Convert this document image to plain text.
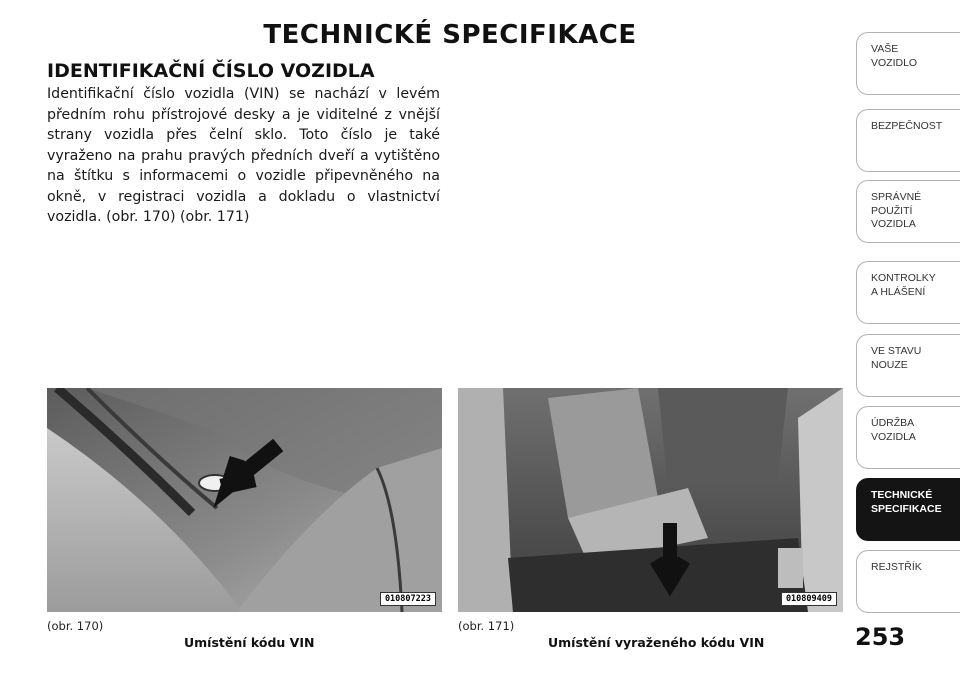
TECHNICKÉ SPECIFIKACE
IDENTIFIKAČNÍ ČÍSLO VOZIDLA
Identifikační číslo vozidla (VIN) se nachází v levém předním rohu přístrojové desky a je viditelné z vnější strany vozidla přes čelní sklo. Toto číslo je také vyraženo na prahu pravých předních dveří a vytištěno na štítku s informacemi o vozidle připevněného na okně, v registraci vozidla a dokladu o vlastnictví vozidla. (obr. 170) (obr. 171)
010807223	010809409
(obr. 170)
Umístění kódu VIN
(obr. 171)
Umístění vyraženého kódu VIN	253
VAŠE
VOZIDLO
BEZPEČNOST
SPRÁVNÉ
POUŽITÍ
VOZIDLA
KONTROLKY
A HLÁŠENÍ
VE STAVU
NOUZE
ÚDRŽBA
VOZIDLA
TECHNICKÉ
SPECIFIKACE
REJSTŘÍK
